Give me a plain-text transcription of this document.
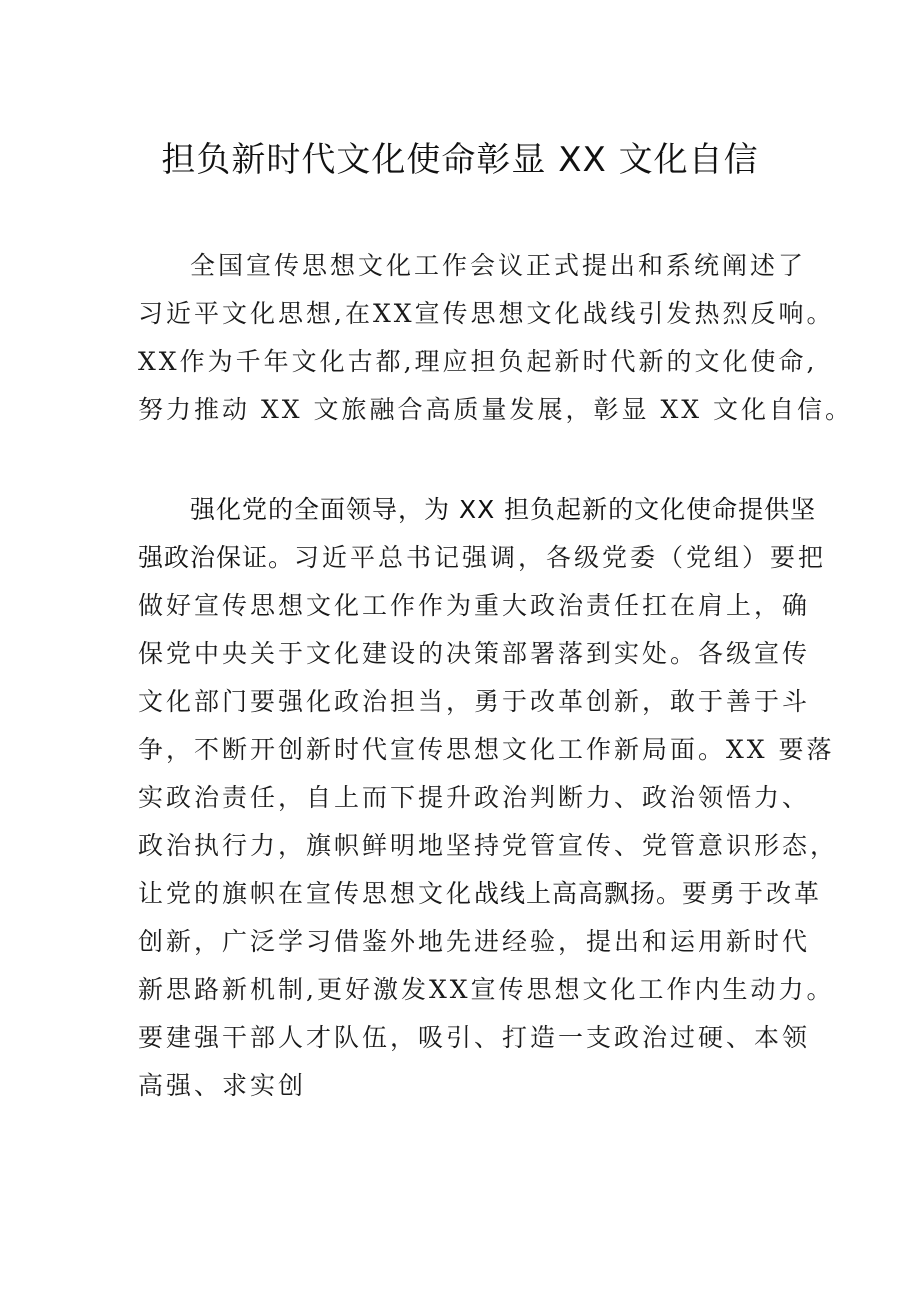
担负新时代文化使命彰显 XX 文化自信
全国宣传思想文化工作会议正式提出和系统阐述了
习近平文化思想,在XX宣传思想文化战线引发热烈反响。
XX作为千年文化古都,理应担负起新时代新的文化使命,
努力推动 XX 文旅融合高质量发展，彰显 XX 文化自信。
强化党的全面领导，为 XX 担负起新的文化使命提供坚
强政治保证。习近平总书记强调，各级党委（党组）要把
做好宣传思想文化工作作为重大政治责任扛在肩上，确
保党中央关于文化建设的决策部署落到实处。各级宣传
文化部门要强化政治担当，勇于改革创新，敢于善于斗
争，不断开创新时代宣传思想文化工作新局面。XX 要落
实政治责任，自上而下提升政治判断力、政治领悟力、
政治执行力，旗帜鲜明地坚持党管宣传、党管意识形态，
让党的旗帜在宣传思想文化战线上高高飘扬。要勇于改革
创新，广泛学习借鉴外地先进经验，提出和运用新时代
新思路新机制,更好激发XX宣传思想文化工作内生动力。
要建强干部人才队伍，吸引、打造一支政治过硬、本领
高强、求实创
